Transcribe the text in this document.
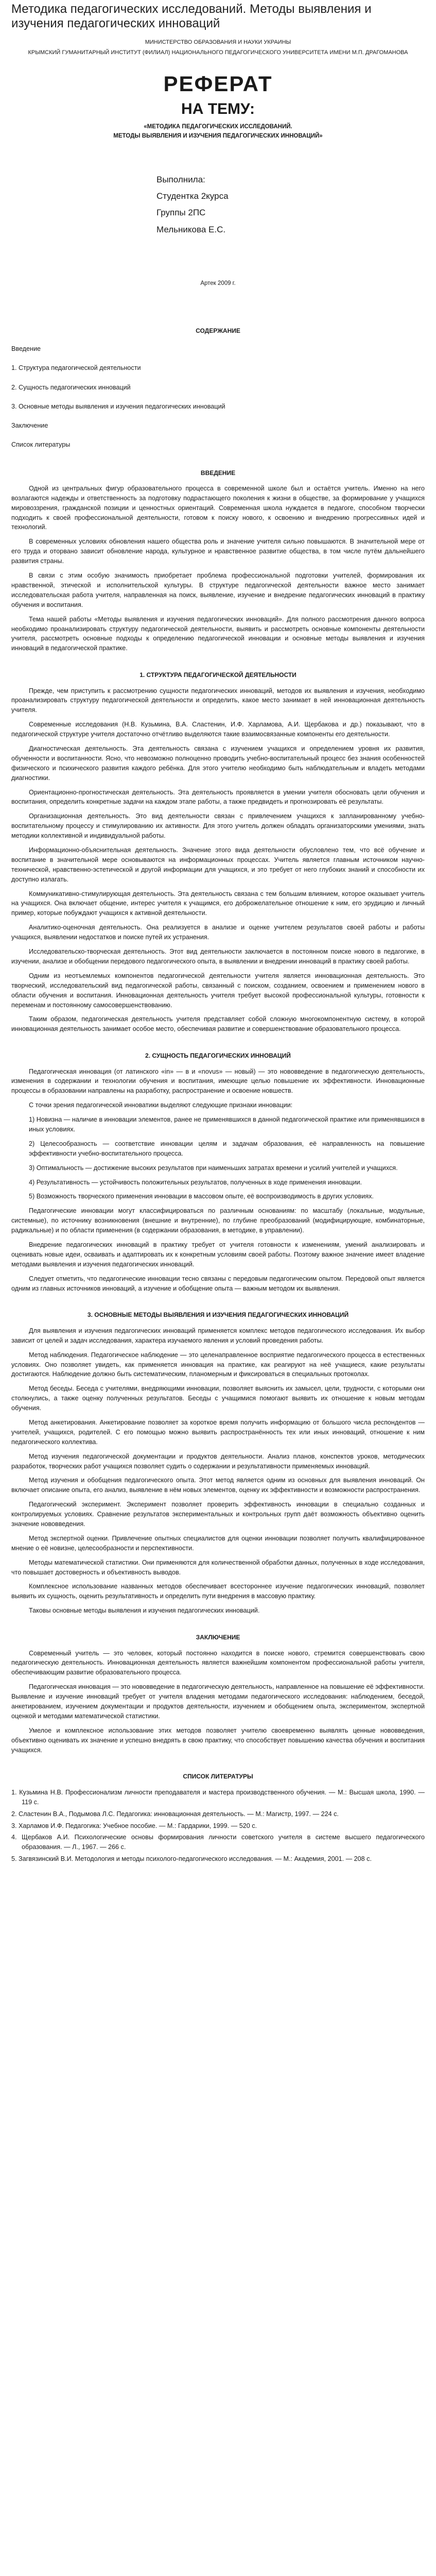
Методика педагогических исследований. Методы выявления и изучения педагогических инноваций
МИНИСТЕРСТВО ОБРАЗОВАНИЯ И НАУКИ УКРАИНЫ
КРЫМСКИЙ ГУМАНИТАРНЫЙ ИНСТИТУТ (ФИЛИАЛ) НАЦИОНАЛЬНОГО ПЕДАГОГИЧЕСКОГО УНИВЕРСИТЕТА ИМЕНИ М.П. ДРАГОМАНОВА
РЕФЕРАТ
НА ТЕМУ:
«МЕТОДИКА ПЕДАГОГИЧЕСКИХ ИССЛЕДОВАНИЙ.
МЕТОДЫ ВЫЯВЛЕНИЯ И ИЗУЧЕНИЯ ПЕДАГОГИЧЕСКИХ ИННОВАЦИЙ»
Выполнила:
Студентка 2курса
Группы 2ПС
Мельникова Е.С.
Артек 2009 г.
СОДЕРЖАНИЕ

Введение

1. Структура педагогической деятельности

2. Сущность педагогических инноваций

3. Основные методы выявления и изучения педагогических инноваций

Заключение

Список литературы

ВВЕДЕНИЕ

Одной из центральных фигур образовательного процесса в современной школе был и остаётся учитель. Именно на него возлагаются надежды и ответственность за подготовку подрастающего поколения к жизни в обществе, за формирование у учащихся мировоззрения, гражданской позиции и ценностных ориентаций. Современная школа нуждается в педагоге, способном творчески подходить к своей профессиональной деятельности, готовом к поиску нового, к освоению и внедрению прогрессивных идей и технологий.

В современных условиях обновления нашего общества роль и значение учителя сильно повышаются. В значительной мере от его труда и оторвано зависит обновление народа, культурное и нравственное развитие общества, в том числе путём дальнейшего развития страны.

В связи с этим особую значимость приобретает проблема профессиональной подготовки учителей, формирования их нравственной, этической и исполнительской культуры. В структуре педагогической деятельности важное место занимает исследовательская работа учителя, направленная на поиск, выявление, изучение и внедрение педагогических инноваций в практику обучения и воспитания.

Тема нашей работы «Методы выявления и изучения педагогических инноваций». Для полного рассмотрения данного вопроса необходимо проанализировать структуру педагогической деятельности, выявить и рассмотреть основные компоненты деятельности учителя, рассмотреть основные подходы к определению педагогической инновации и основные методы выявления и изучения инноваций в педагогической практике.

1. СТРУКТУРА ПЕДАГОГИЧЕСКОЙ ДЕЯТЕЛЬНОСТИ

Прежде, чем приступить к рассмотрению сущности педагогических инноваций, методов их выявления и изучения, необходимо проанализировать структуру педагогической деятельности и определить, какое место занимает в ней инновационная деятельность учителя.

Современные исследования (Н.В. Кузьмина, В.А. Сластенин, И.Ф. Харламова, А.И. Щербакова и др.) показывают, что в педагогической структуре учителя достаточно отчётливо выделяются такие взаимосвязанные компоненты его деятельности.

Диагностическая деятельность. Эта деятельность связана с изучением учащихся и определением уровня их развития, обученности и воспитанности. Ясно, что невозможно полноценно проводить учебно-воспитательный процесс без знания особенностей физического и психического развития каждого ребёнка. Для этого учителю необходимо быть наблюдательным и владеть методами диагностики.

Ориентационно-прогностическая деятельность. Эта деятельность проявляется в умении учителя обосновать цели обучения и воспитания, определить конкретные задачи на каждом этапе работы, а также предвидеть и прогнозировать её результаты.

Организационная деятельность. Это вид деятельности связан с привлечением учащихся к запланированному учебно-воспитательному процессу и стимулированию их активности. Для этого учитель должен обладать организаторскими умениями, знать методики коллективной и индивидуальной работы.

Информационно-объяснительная деятельность. Значение этого вида деятельности обусловлено тем, что всё обучение и воспитание в значительной мере основываются на информационных процессах. Учитель является главным источником научно-технической, нравственно-эстетической и другой информации для учащихся, и это требует от него глубоких знаний и способности их доступно излагать.

Коммуникативно-стимулирующая деятельность. Эта деятельность связана с тем большим влиянием, которое оказывает учитель на учащихся. Она включает общение, интерес учителя к учащимся, его доброжелательное отношение к ним, его эрудицию и личный пример, которые побуждают учащихся к активной деятельности.

Аналитико-оценочная деятельность. Она реализуется в анализе и оценке учителем результатов своей работы и работы учащихся, выявлении недостатков и поиске путей их устранения.

Исследовательско-творческая деятельность. Этот вид деятельности заключается в постоянном поиске нового в педагогике, в изучении, анализе и обобщении передового педагогического опыта, в выявлении и внедрении инноваций в практику своей работы.

Одним из неотъемлемых компонентов педагогической деятельности учителя является инновационная деятельность. Это творческий, исследовательский вид педагогической работы, связанный с поиском, созданием, освоением и применением нового в области обучения и воспитания. Инновационная деятельность учителя требует высокой профессиональной культуры, готовности к переменам и постоянному самосовершенствованию.

Таким образом, педагогическая деятельность учителя представляет собой сложную многокомпонентную систему, в которой инновационная деятельность занимает особое место, обеспечивая развитие и совершенствование образовательного процесса.

2. СУЩНОСТЬ ПЕДАГОГИЧЕСКИХ ИННОВАЦИЙ

Педагогическая инновация (от латинского «in» — в и «novus» — новый) — это нововведение в педагогическую деятельность, изменения в содержании и технологии обучения и воспитания, имеющие целью повышение их эффективности. Инновационные процессы в образовании направлены на разработку, распространение и освоение новшеств.

С точки зрения педагогической инноватики выделяют следующие признаки инновации:

1) Новизна — наличие в инновации элементов, ранее не применявшихся в данной педагогической практике или применявшихся в иных условиях.

2) Целесообразность — соответствие инновации целям и задачам образования, её направленность на повышение эффективности учебно-воспитательного процесса.

3) Оптимальность — достижение высоких результатов при наименьших затратах времени и усилий учителей и учащихся.

4) Результативность — устойчивость положительных результатов, полученных в ходе применения инновации.

5) Возможность творческого применения инновации в массовом опыте, её воспроизводимость в других условиях.

Педагогические инновации могут классифицироваться по различным основаниям: по масштабу (локальные, модульные, системные), по источнику возникновения (внешние и внутренние), по глубине преобразований (модифицирующие, комбинаторные, радикальные) и по области применения (в содержании образования, в методике, в управлении).

Внедрение педагогических инноваций в практику требует от учителя готовности к изменениям, умений анализировать и оценивать новые идеи, осваивать и адаптировать их к конкретным условиям своей работы. Поэтому важное значение имеет владение методами выявления и изучения педагогических инноваций.

Следует отметить, что педагогические инновации тесно связаны с передовым педагогическим опытом. Передовой опыт является одним из главных источников инноваций, а изучение и обобщение опыта — важным методом их выявления.

3. ОСНОВНЫЕ МЕТОДЫ ВЫЯВЛЕНИЯ И ИЗУЧЕНИЯ ПЕДАГОГИЧЕСКИХ ИННОВАЦИЙ

Для выявления и изучения педагогических инноваций применяется комплекс методов педагогического исследования. Их выбор зависит от целей и задач исследования, характера изучаемого явления и условий проведения работы.

Метод наблюдения. Педагогическое наблюдение — это целенаправленное восприятие педагогического процесса в естественных условиях. Оно позволяет увидеть, как применяется инновация на практике, как реагируют на неё учащиеся, какие результаты достигаются. Наблюдение должно быть систематическим, планомерным и фиксироваться в специальных протоколах.

Метод беседы. Беседа с учителями, внедряющими инновации, позволяет выяснить их замысел, цели, трудности, с которыми они столкнулись, а также оценку полученных результатов. Беседы с учащимися помогают выявить их отношение к новым методам обучения.

Метод анкетирования. Анкетирование позволяет за короткое время получить информацию от большого числа респондентов — учителей, учащихся, родителей. С его помощью можно выявить распространённость тех или иных инноваций, отношение к ним педагогического коллектива.

Метод изучения педагогической документации и продуктов деятельности. Анализ планов, конспектов уроков, методических разработок, творческих работ учащихся позволяет судить о содержании и результативности применяемых инноваций.

Метод изучения и обобщения педагогического опыта. Этот метод является одним из основных для выявления инноваций. Он включает описание опыта, его анализ, выявление в нём новых элементов, оценку их эффективности и возможности распространения.

Педагогический эксперимент. Эксперимент позволяет проверить эффективность инновации в специально созданных и контролируемых условиях. Сравнение результатов экспериментальных и контрольных групп даёт возможность объективно оценить значение нововведения.

Метод экспертной оценки. Привлечение опытных специалистов для оценки инновации позволяет получить квалифицированное мнение о её новизне, целесообразности и перспективности.

Методы математической статистики. Они применяются для количественной обработки данных, полученных в ходе исследования, что повышает достоверность и объективность выводов.

Комплексное использование названных методов обеспечивает всестороннее изучение педагогических инноваций, позволяет выявить их сущность, оценить результативность и определить пути внедрения в массовую практику.

Таковы основные методы выявления и изучения педагогических инноваций.

ЗАКЛЮЧЕНИЕ

Современный учитель — это человек, который постоянно находится в поиске нового, стремится совершенствовать свою педагогическую деятельность. Инновационная деятельность является важнейшим компонентом профессиональной работы учителя, обеспечивающим развитие образовательного процесса.

Педагогическая инновация — это нововведение в педагогическую деятельность, направленное на повышение её эффективности. Выявление и изучение инноваций требует от учителя владения методами педагогического исследования: наблюдением, беседой, анкетированием, изучением документации и продуктов деятельности, изучением и обобщением опыта, экспериментом, экспертной оценкой и методами математической статистики.

Умелое и комплексное использование этих методов позволяет учителю своевременно выявлять ценные нововведения, объективно оценивать их значение и успешно внедрять в свою практику, что способствует повышению качества обучения и воспитания учащихся.

СПИСОК ЛИТЕРАТУРЫ

1. Кузьмина Н.В. Профессионализм личности преподавателя и мастера производственного обучения. — М.: Высшая школа, 1990. — 119 с.

2. Сластенин В.А., Подымова Л.С. Педагогика: инновационная деятельность. — М.: Магистр, 1997. — 224 с.

3. Харламов И.Ф. Педагогика: Учебное пособие. — М.: Гардарики, 1999. — 520 с.

4. Щербаков А.И. Психологические основы формирования личности советского учителя в системе высшего педагогического образования. — Л., 1967. — 266 с.

5. Загвязинский В.И. Методология и методы психолого-педагогического исследования. — М.: Академия, 2001. — 208 с.
